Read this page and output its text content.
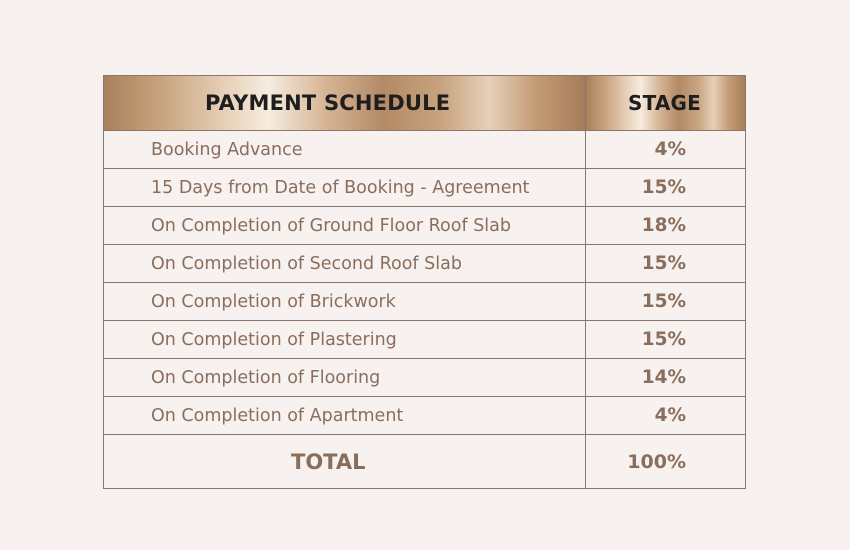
PAYMENT SCHEDULE	STAGE
Booking Advance	4%
15 Days from Date of Booking - Agreement	15%
On Completion of Ground Floor Roof Slab	18%
On Completion of Second Roof Slab	15%
On Completion of Brickwork	15%
On Completion of Plastering	15%
On Completion of Flooring	14%
On Completion of Apartment	4%
TOTAL	100%
